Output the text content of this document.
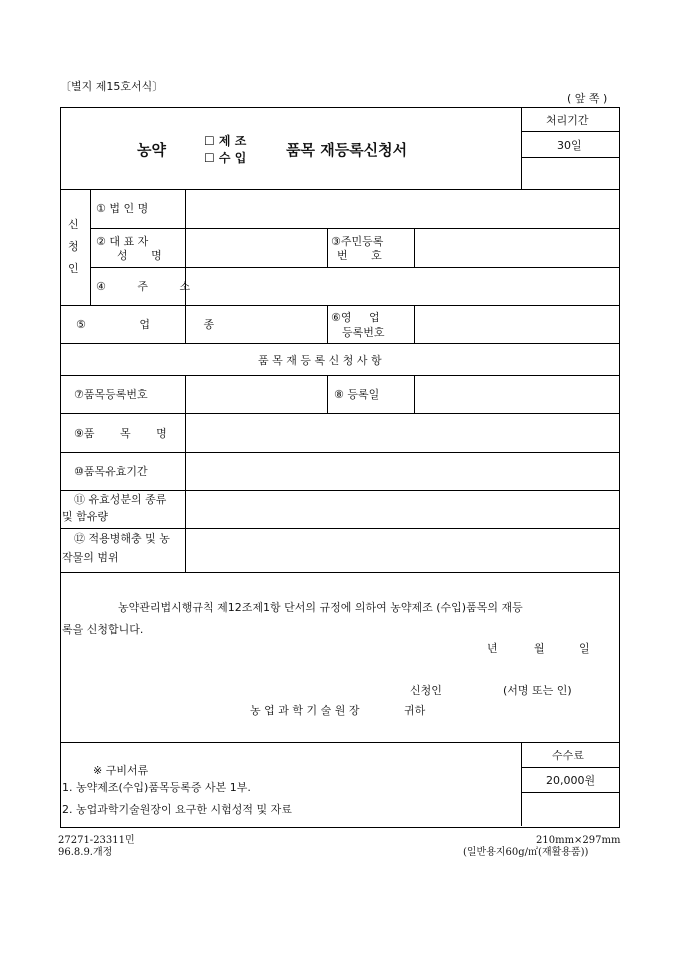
〔별지 제15호서식〕
( 앞 쪽 )
농약	☐ 제 조
☐ 수 입	품목 재등록신청서
처리기간
30일
신
청
인
① 법 인 명
② 대 표 자
성 명
③주민등록
번 호
④ 주 소
⑤ 업 종
⑥영 업
등록번호
품 목 재 등 록 신 청 사 항
⑦품목등록번호	⑧ 등록일
⑨품 목 명
⑩품목유효기간
⑪ 유효성분의 종류
및 함유량
⑫ 적용병해충 및 농
작물의 범위
농약관리법시행규칙 제12조제1항 단서의 규정에 의하여 농약제조 (수입)품목의 재등
록을 신청합니다.
년	월	일
신청인	(서명 또는 인)
농 업 과 학 기 술 원 장	귀하
※ 구비서류
1. 농약제조(수입)품목등록증 사본 1부.
2. 농업과학기술원장이 요구한 시험성적 및 자료
수수료
20,000원
27271-23311민
96.8.9.개정
210mm×297mm
(일반용지60g/㎡(재활용품))
